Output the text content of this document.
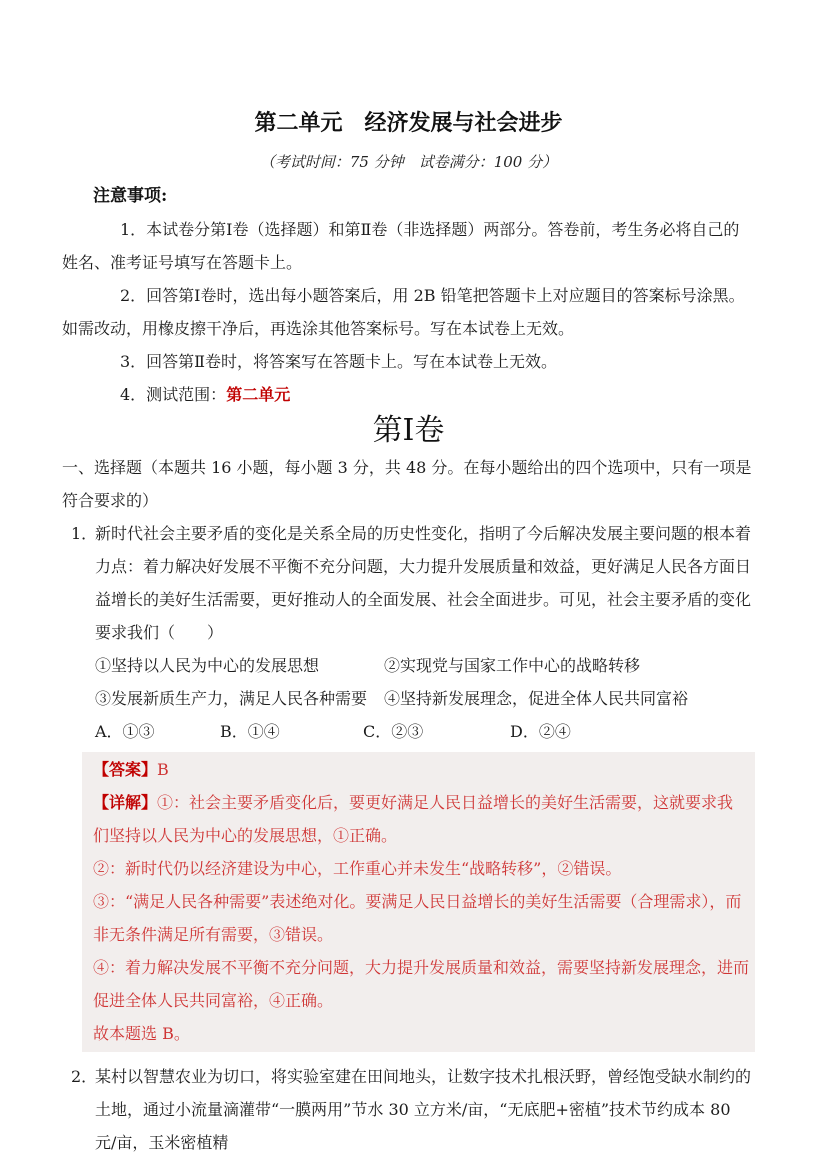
第二单元　经济发展与社会进步
（考试时间：75 分钟　试卷满分：100 分）
注意事项:

1．本试卷分第Ⅰ卷（选择题）和第Ⅱ卷（非选择题）两部分。答卷前，考生务必将自己的姓名、准考证号填写在答题卡上。

2．回答第Ⅰ卷时，选出每小题答案后，用 2B 铅笔把答题卡上对应题目的答案标号涂黑。如需改动，用橡皮擦干净后，再选涂其他答案标号。写在本试卷上无效。

3．回答第Ⅱ卷时，将答案写在答题卡上。写在本试卷上无效。

4．测试范围：第二单元

第Ⅰ卷

一、选择题（本题共 16 小题，每小题 3 分，共 48 分。在每小题给出的四个选项中，只有一项是符合要求的）

1．

新时代社会主要矛盾的变化是关系全局的历史性变化，指明了今后解决发展主要问题的根本着力点：着力解决好发展不平衡不充分问题，大力提升发展质量和效益，更好满足人民各方面日益增长的美好生活需要，更好推动人的全面发展、社会全面进步。可见，社会主要矛盾的变化要求我们（　　）

①坚持以人民为中心的发展思想	②实现党与国家工作中心的战略转移
③发展新质生产力，满足人民各种需要 ④坚持新发展理念，促进全体人民共同富裕
A．①③	B．①④	C．②③	D．②④

【答案】B

【详解】①：社会主要矛盾变化后，要更好满足人民日益增长的美好生活需要，这就要求我们坚持以人民为中心的发展思想，①正确。

②：新时代仍以经济建设为中心，工作重心并未发生“战略转移”，②错误。

③：“满足人民各种需要”表述绝对化。要满足人民日益增长的美好生活需要（合理需求），而非无条件满足所有需要，③错误。

④：着力解决发展不平衡不充分问题，大力提升发展质量和效益，需要坚持新发展理念，进而促进全体人民共同富裕，④正确。

故本题选 B。

2．

某村以智慧农业为切口，将实验室建在田间地头，让数字技术扎根沃野，曾经饱受缺水制约的土地，通过小流量滴灌带“一膜两用”节水 30 立方米/亩，“无底肥+密植”技术节约成本 80 元/亩，玉米密植精
